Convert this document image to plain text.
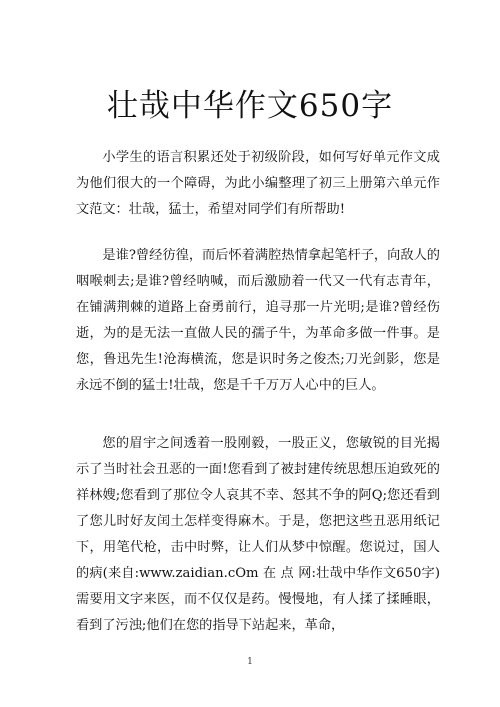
壮哉中华作文650字

小学生的语言积累还处于初级阶段，如何写好单元作文成为他们很大的一个障碍，为此小编整理了初三上册第六单元作文范文：壮哉，猛士，希望对同学们有所帮助!

是谁?曾经彷徨，而后怀着满腔热情拿起笔杆子，向敌人的咽喉刺去;是谁?曾经呐喊，而后激励着一代又一代有志青年，在铺满荆棘的道路上奋勇前行，追寻那一片光明;是谁?曾经伤逝，为的是无法一直做人民的孺子牛，为革命多做一件事。是您，鲁迅先生!沧海横流，您是识时务之俊杰;刀光剑影，您是永远不倒的猛士!壮哉，您是千千万万人心中的巨人。

您的眉宇之间透着一股刚毅，一股正义，您敏锐的目光揭示了当时社会丑恶的一面!您看到了被封建传统思想压迫致死的祥林嫂;您看到了那位令人哀其不幸、怒其不争的阿Q;您还看到了您儿时好友闰土怎样变得麻木。于是，您把这些丑恶用纸记下，用笔代枪，击中时弊，让人们从梦中惊醒。您说过，国人的病(来自:www.zaidian.cOm 在 点 网:壮哉中华作文650字)需要用文字来医，而不仅仅是药。慢慢地，有人揉了揉睡眼，看到了污浊;他们在您的指导下站起来，革命，

1
